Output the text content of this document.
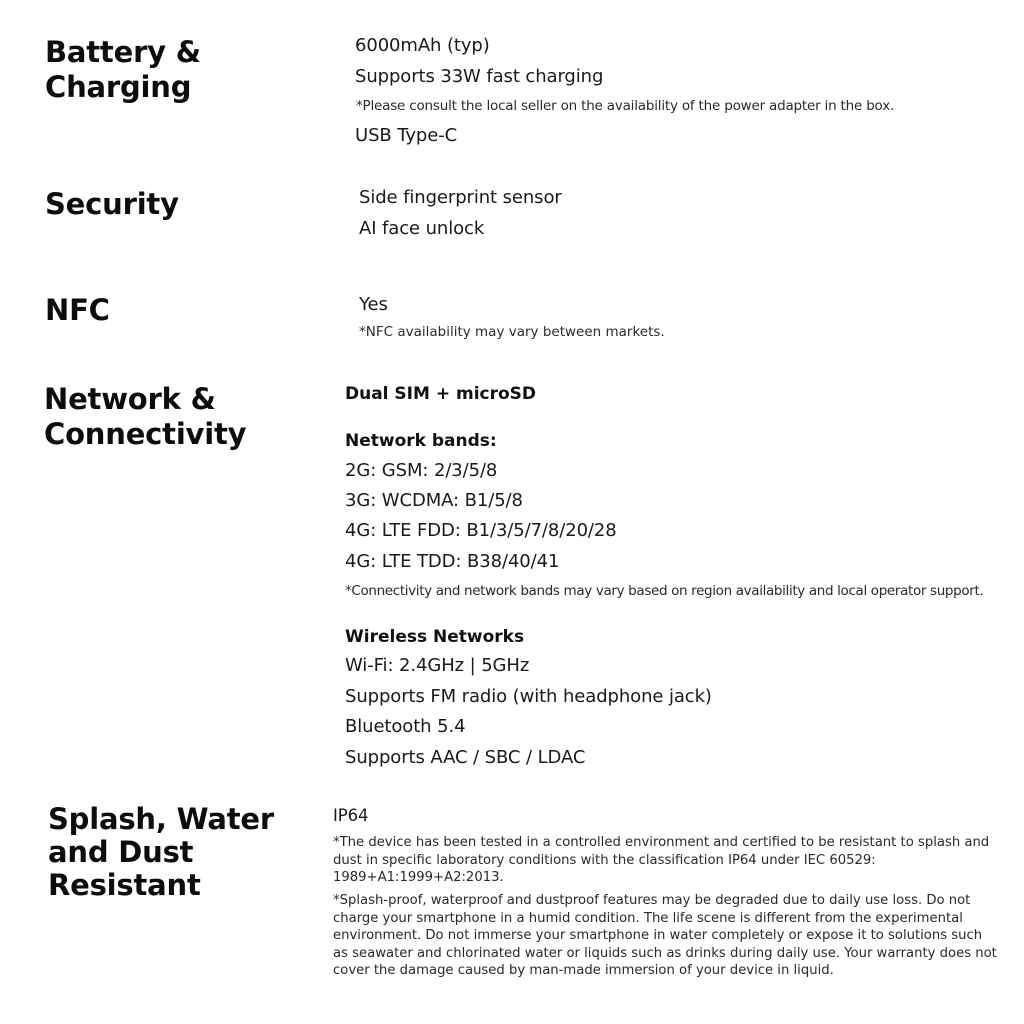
Battery &
Charging
6000mAh (typ)
Supports 33W fast charging
*Please consult the local seller on the availability of the power adapter in the box.
USB Type-C
Security	Side fingerprint sensor
AI face unlock
NFC	Yes
*NFC availability may vary between markets.
Network &
Connectivity
Dual SIM + microSD
Network bands:
2G: GSM: 2/3/5/8
3G: WCDMA: B1/5/8
4G: LTE FDD: B1/3/5/7/8/20/28
4G: LTE TDD: B38/40/41
*Connectivity and network bands may vary based on region availability and local operator support.
Wireless Networks
Wi-Fi: 2.4GHz | 5GHz
Supports FM radio (with headphone jack)
Bluetooth 5.4
Supports AAC / SBC / LDAC
Splash, Water
and Dust
Resistant
IP64
*The device has been tested in a controlled environment and certified to be resistant to splash and
dust in specific laboratory conditions with the classification IP64 under IEC 60529:
1989+A1:1999+A2:2013.
*Splash-proof, waterproof and dustproof features may be degraded due to daily use loss. Do not
charge your smartphone in a humid condition. The life scene is different from the experimental
environment. Do not immerse your smartphone in water completely or expose it to solutions such
as seawater and chlorinated water or liquids such as drinks during daily use. Your warranty does not
cover the damage caused by man-made immersion of your device in liquid.
